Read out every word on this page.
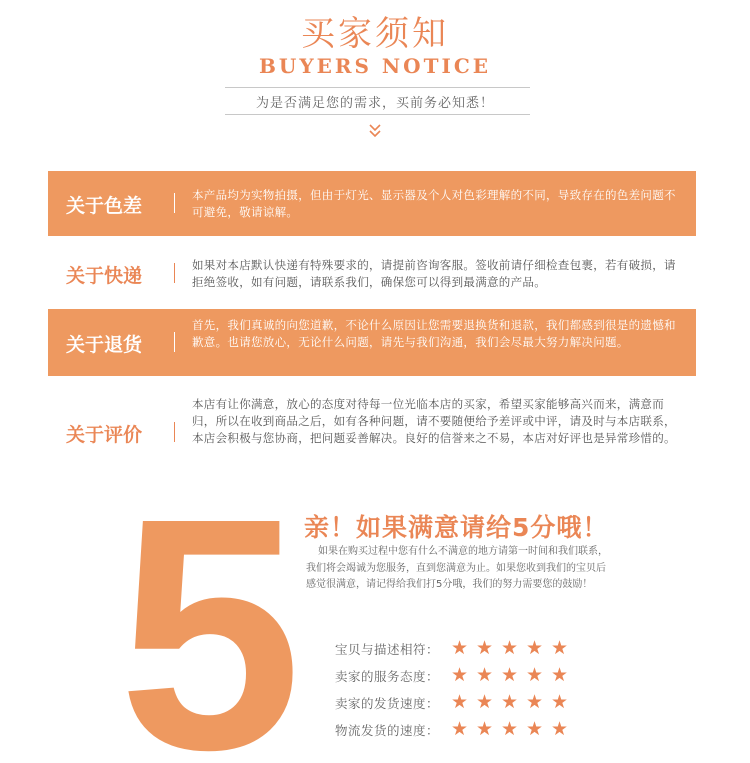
买家须知
BUYERS NOTICE
为是否满足您的需求，买前务必知悉！
关于色差	本产品均为实物拍摄，但由于灯光、显示器及个人对色彩理解的不同，导致存在的色差问题不可避免，敬请谅解。
关于快递	如果对本店默认快递有特殊要求的，请提前咨询客服。签收前请仔细检查包裹，若有破损，请拒绝签收，如有问题，请联系我们，确保您可以得到最满意的产品。
关于退货
首先，我们真诚的向您道歉，不论什么原因让您需要退换货和退款，我们都感到很是的遗憾和歉意。也请您放心，无论什么问题，请先与我们沟通，我们会尽最大努力解决问题。
关于评价
本店有让你满意，放心的态度对待每一位光临本店的买家，希望买家能够高兴而来，满意而归，所以在收到商品之后，如有各种问题，请不要随便给予差评或中评，请及时与本店联系，本店会积极与您协商，把问题妥善解决。良好的信誉来之不易，本店对好评也是异常珍惜的。
5 亲！如果满意请给5分哦！
如果在购买过程中您有什么不满意的地方请第一时间和我们联系，我们将会竭诚为您服务，直到您满意为止。如果您收到我们的宝贝后感觉很满意，请记得给我们打5分哦，我们的努力需要您的鼓励！
宝贝与描述相符： ★ ★ ★ ★ ★
卖家的服务态度： ★ ★ ★ ★ ★
卖家的发货速度： ★ ★ ★ ★ ★
物流发货的速度： ★ ★ ★ ★ ★
